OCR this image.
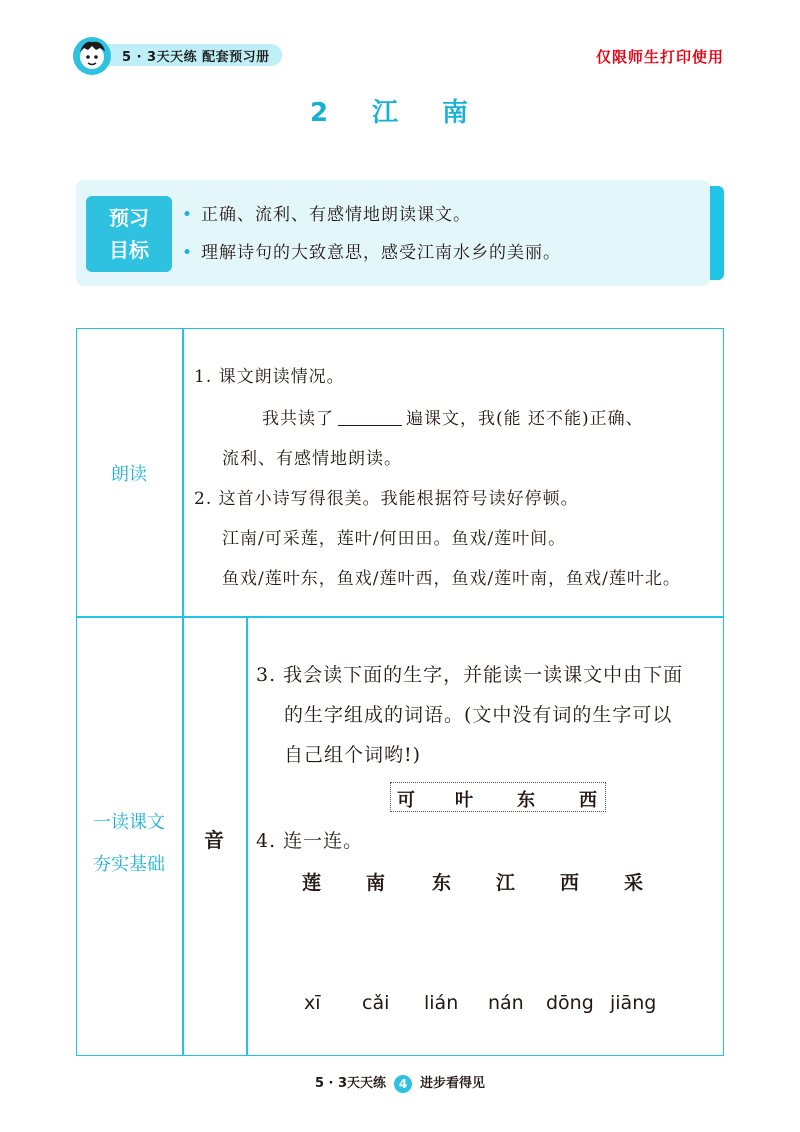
5 · 3天天练 配套预习册	仅限师生打印使用
2 江 南
预习
目标
• 正确、流利、有感情地朗读课文。
• 理解诗句的大致意思，感受江南水乡的美丽。
朗读
一读课文
夯实基础
音
1. 课文朗读情况。
我共读了	遍课文，我(能 还不能)正确、
流利、有感情地朗读。
2. 这首小诗写得很美。我能根据符号读好停顿。
江南/可采莲，莲叶/何田田。鱼戏/莲叶间。
鱼戏/莲叶东，鱼戏/莲叶西，鱼戏/莲叶南，鱼戏/莲叶北。
3. 我会读下面的生字，并能读一读课文中由下面
的生字组成的词语。(文中没有词的生字可以
自己组个词哟!)
可 叶 东 西
4. 连一连。
莲 南 东 江 西 采
xī cǎi lián nán dōng jiāng
5 · 3天天练 4 进步看得见
